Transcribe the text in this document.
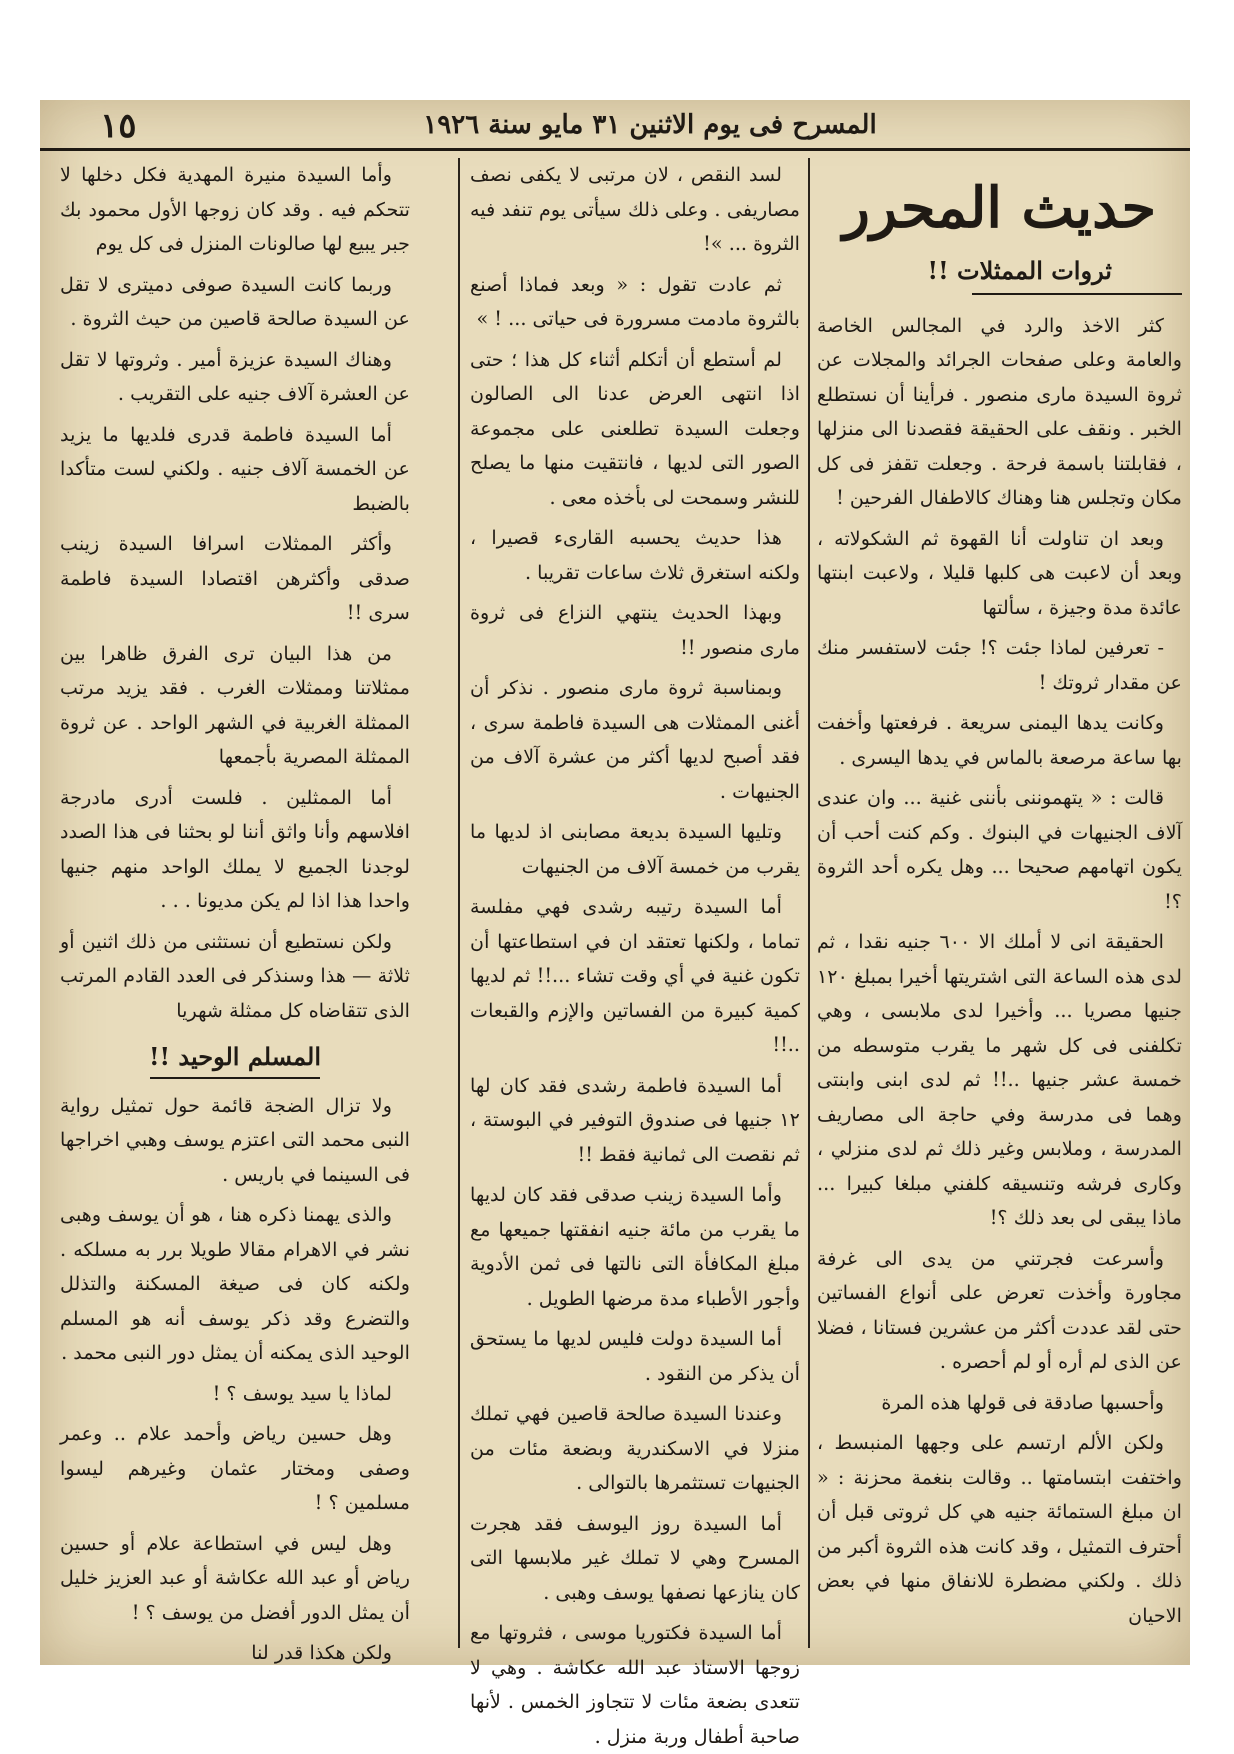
١٥	المسرح فى يوم الاثنين ٣١ مايو سنة ١٩٢٦
حديث المحرر
ثروات الممثلات !!

كثر الاخذ والرد في المجالس الخاصة والعامة وعلى صفحات الجرائد والمجلات عن ثروة السيدة مارى منصور . فرأينا أن نستطلع الخبر . ونقف على الحقيقة فقصدنا الى منزلها ، فقابلتنا باسمة فرحة . وجعلت تقفز فى كل مكان وتجلس هنا وهناك كالاطفال الفرحين !

وبعد ان تناولت أنا القهوة ثم الشكولاته ، وبعد أن لاعبت هى كلبها قليلا ، ولاعبت ابنتها عائدة مدة وجيزة ، سألتها

- تعرفين لماذا جئت ؟! جئت لاستفسر منك عن مقدار ثروتك !

وكانت يدها اليمنى سريعة . فرفعتها وأخفت بها ساعة مرصعة بالماس في يدها اليسرى .

قالت : « يتهموننى بأننى غنية ... وان عندى آلاف الجنيهات في البنوك . وكم كنت أحب أن يكون اتهامهم صحيحا ... وهل يكره أحد الثروة ؟!

الحقيقة انى لا أملك الا ٦٠٠ جنيه نقدا ، ثم لدى هذه الساعة التى اشتريتها أخيرا بمبلغ ١٢٠ جنيها مصريا ... وأخيرا لدى ملابسى ، وهي تكلفنى فى كل شهر ما يقرب متوسطه من خمسة عشر جنيها ..!! ثم لدى ابنى وابنتى وهما فى مدرسة وفي حاجة الى مصاريف المدرسة ، وملابس وغير ذلك ثم لدى منزلي ، وكارى فرشه وتنسيقه كلفني مبلغا كبيرا ... ماذا يبقى لى بعد ذلك ؟!

وأسرعت فجرتني من يدى الى غرفة مجاورة وأخذت تعرض على أنواع الفساتين حتى لقد عددت أكثر من عشرين فستانا ، فضلا عن الذى لم أره أو لم أحصره .

وأحسبها صادقة فى قولها هذه المرة

ولكن الألم ارتسم على وجهها المنبسط ، واختفت ابتسامتها .. وقالت بنغمة محزنة : « ان مبلغ الستمائة جنيه هي كل ثروتى قبل أن أحترف التمثيل ، وقد كانت هذه الثروة أكبر من ذلك . ولكني مضطرة للانفاق منها في بعض الاحيان

لسد النقص ، لان مرتبى لا يكفى نصف مصاريفى . وعلى ذلك سيأتى يوم تنفد فيه الثروة ... »!

ثم عادت تقول : « وبعد فماذا أصنع بالثروة مادمت مسرورة فى حياتى ... ! »

لم أستطع أن أتكلم أثناء كل هذا ؛ حتى اذا انتهى العرض عدنا الى الصالون وجعلت السيدة تطلعنى على مجموعة الصور التى لديها ، فانتقيت منها ما يصلح للنشر وسمحت لى بأخذه معى .

هذا حديث يحسبه القارىء قصيرا ، ولكنه استغرق ثلاث ساعات تقريبا .

وبهذا الحديث ينتهي النزاع فى ثروة مارى منصور !!

وبمناسبة ثروة مارى منصور . نذكر أن أغنى الممثلات هى السيدة فاطمة سرى ، فقد أصبح لديها أكثر من عشرة آلاف من الجنيهات .

وتليها السيدة بديعة مصابنى اذ لديها ما يقرب من خمسة آلاف من الجنيهات

أما السيدة رتيبه رشدى فهي مفلسة تماما ، ولكنها تعتقد ان في استطاعتها أن تكون غنية في أي وقت تشاء ...!! ثم لديها كمية كبيرة من الفساتين والإزم والقبعات ..!!

أما السيدة فاطمة رشدى فقد كان لها ١٢ جنيها فى صندوق التوفير في البوستة ، ثم نقصت الى ثمانية فقط !!

وأما السيدة زينب صدقى فقد كان لديها ما يقرب من مائة جنيه انفقتها جميعها مع مبلغ المكافأة التى نالتها فى ثمن الأدوية وأجور الأطباء مدة مرضها الطويل .

أما السيدة دولت فليس لديها ما يستحق أن يذكر من النقود .

وعندنا السيدة صالحة قاصين فهي تملك منزلا في الاسكندرية وبضعة مئات من الجنيهات تستثمرها بالتوالى .

أما السيدة روز اليوسف فقد هجرت المسرح وهي لا تملك غير ملابسها التى كان ينازعها نصفها يوسف وهبى .

أما السيدة فكتوريا موسى ، فثروتها مع زوجها الاستاذ عبد الله عكاشة . وهي لا تتعدى بضعة مئات لا تتجاوز الخمس . لأنها صاحبة أطفال وربة منزل .

وأما السيدة منيرة المهدية فكل دخلها لا تتحكم فيه . وقد كان زوجها الأول محمود بك جبر يبيع لها صالونات المنزل فى كل يوم

وربما كانت السيدة صوفى دميترى لا تقل عن السيدة صالحة قاصين من حيث الثروة .

وهناك السيدة عزيزة أمير . وثروتها لا تقل عن العشرة آلاف جنيه على التقريب .

أما السيدة فاطمة قدرى فلديها ما يزيد عن الخمسة آلاف جنيه . ولكني لست متأكدا بالضبط

وأكثر الممثلات اسرافا السيدة زينب صدقى وأكثرهن اقتصادا السيدة فاطمة سرى !!

من هذا البيان ترى الفرق ظاهرا بين ممثلاتنا وممثلات الغرب . فقد يزيد مرتب الممثلة الغربية في الشهر الواحد . عن ثروة الممثلة المصرية بأجمعها

أما الممثلين . فلست أدرى مادرجة افلاسهم وأنا واثق أننا لو بحثنا فى هذا الصدد لوجدنا الجميع لا يملك الواحد منهم جنيها واحدا هذا اذا لم يكن مديونا . . .

ولكن نستطيع أن نستثنى من ذلك اثنين أو ثلاثة — هذا وسنذكر فى العدد القادم المرتب الذى تتقاضاه كل ممثلة شهريا

المسلم الوحيد !!

ولا تزال الضجة قائمة حول تمثيل رواية النبى محمد التى اعتزم يوسف وهبي اخراجها فى السينما في باريس .

والذى يهمنا ذكره هنا ، هو أن يوسف وهبى نشر في الاهرام مقالا طويلا برر به مسلكه . ولكنه كان فى صيغة المسكنة والتذلل والتضرع وقد ذكر يوسف أنه هو المسلم الوحيد الذى يمكنه أن يمثل دور النبى محمد .

لماذا يا سيد يوسف ؟ !

وهل حسين رياض وأحمد علام .. وعمر وصفى ومختار عثمان وغيرهم ليسوا مسلمين ؟ !

وهل ليس في استطاعة علام أو حسين رياض أو عبد الله عكاشة أو عبد العزيز خليل أن يمثل الدور أفضل من يوسف ؟ !

ولكن هكذا قدر لنا
